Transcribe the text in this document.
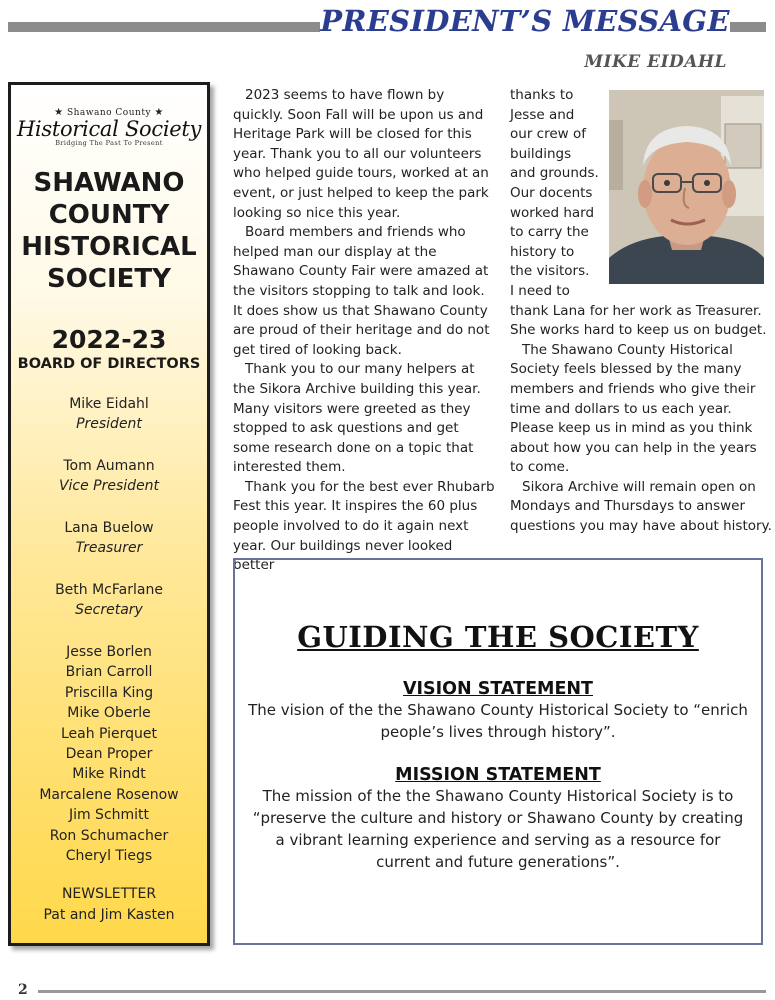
PRESIDENT’S MESSAGE
MIKE EIDAHL
★ Shawano County ★
Historical Society
Bridging The Past To Present
SHAWANO
COUNTY
HISTORICAL
SOCIETY
2022-23
BOARD OF DIRECTORS
Mike Eidahl
President
Tom Aumann
Vice President
Lana Buelow
Treasurer
Beth McFarlane
Secretary
Jesse Borlen
Brian Carroll
Priscilla King
Mike Oberle
Leah Pierquet
Dean Proper
Mike Rindt
Marcalene Rosenow
Jim Schmitt
Ron Schumacher
Cheryl Tiegs
NEWSLETTER
Pat and Jim Kasten

2023 seems to have flown by quickly. Soon Fall will be upon us and Heritage Park will be closed for this year. Thank you to all our volunteers who helped guide tours, worked at an event, or just helped to keep the park looking so nice this year.

Board members and friends who helped man our display at the Shawano County Fair were amazed at the visitors stopping to talk and look. It does show us that Shawano County are proud of their heritage and do not get tired of looking back.

Thank you to our many helpers at the Sikora Archive building this year. Many visitors were greeted as they stopped to ask questions and get some research done on a topic that interested them.

Thank you for the best ever Rhubarb Fest this year. It inspires the 60 plus people involved to do it again next year. Our buildings never looked better

thanks to
Jesse and
our crew of
buildings
and grounds.
Our docents
worked hard
to carry the
history to
the visitors.
I need to

thank Lana for her work as Treasurer. She works hard to keep us on budget.

The Shawano County Historical Society feels blessed by the many members and friends who give their time and dollars to us each year. Please keep us in mind as you think about how you can help in the years to come.

Sikora Archive will remain open on Mondays and Thursdays to answer questions you may have about history.

GUIDING THE SOCIETY
VISION STATEMENT
The vision of the the Shawano County Historical Society to “enrich people’s lives through history”.
MISSION STATEMENT
The mission of the the Shawano County Historical Society is to “preserve the culture and history or Shawano County by creating a vibrant learning experience and serving as a resource for current and future generations”.
2
